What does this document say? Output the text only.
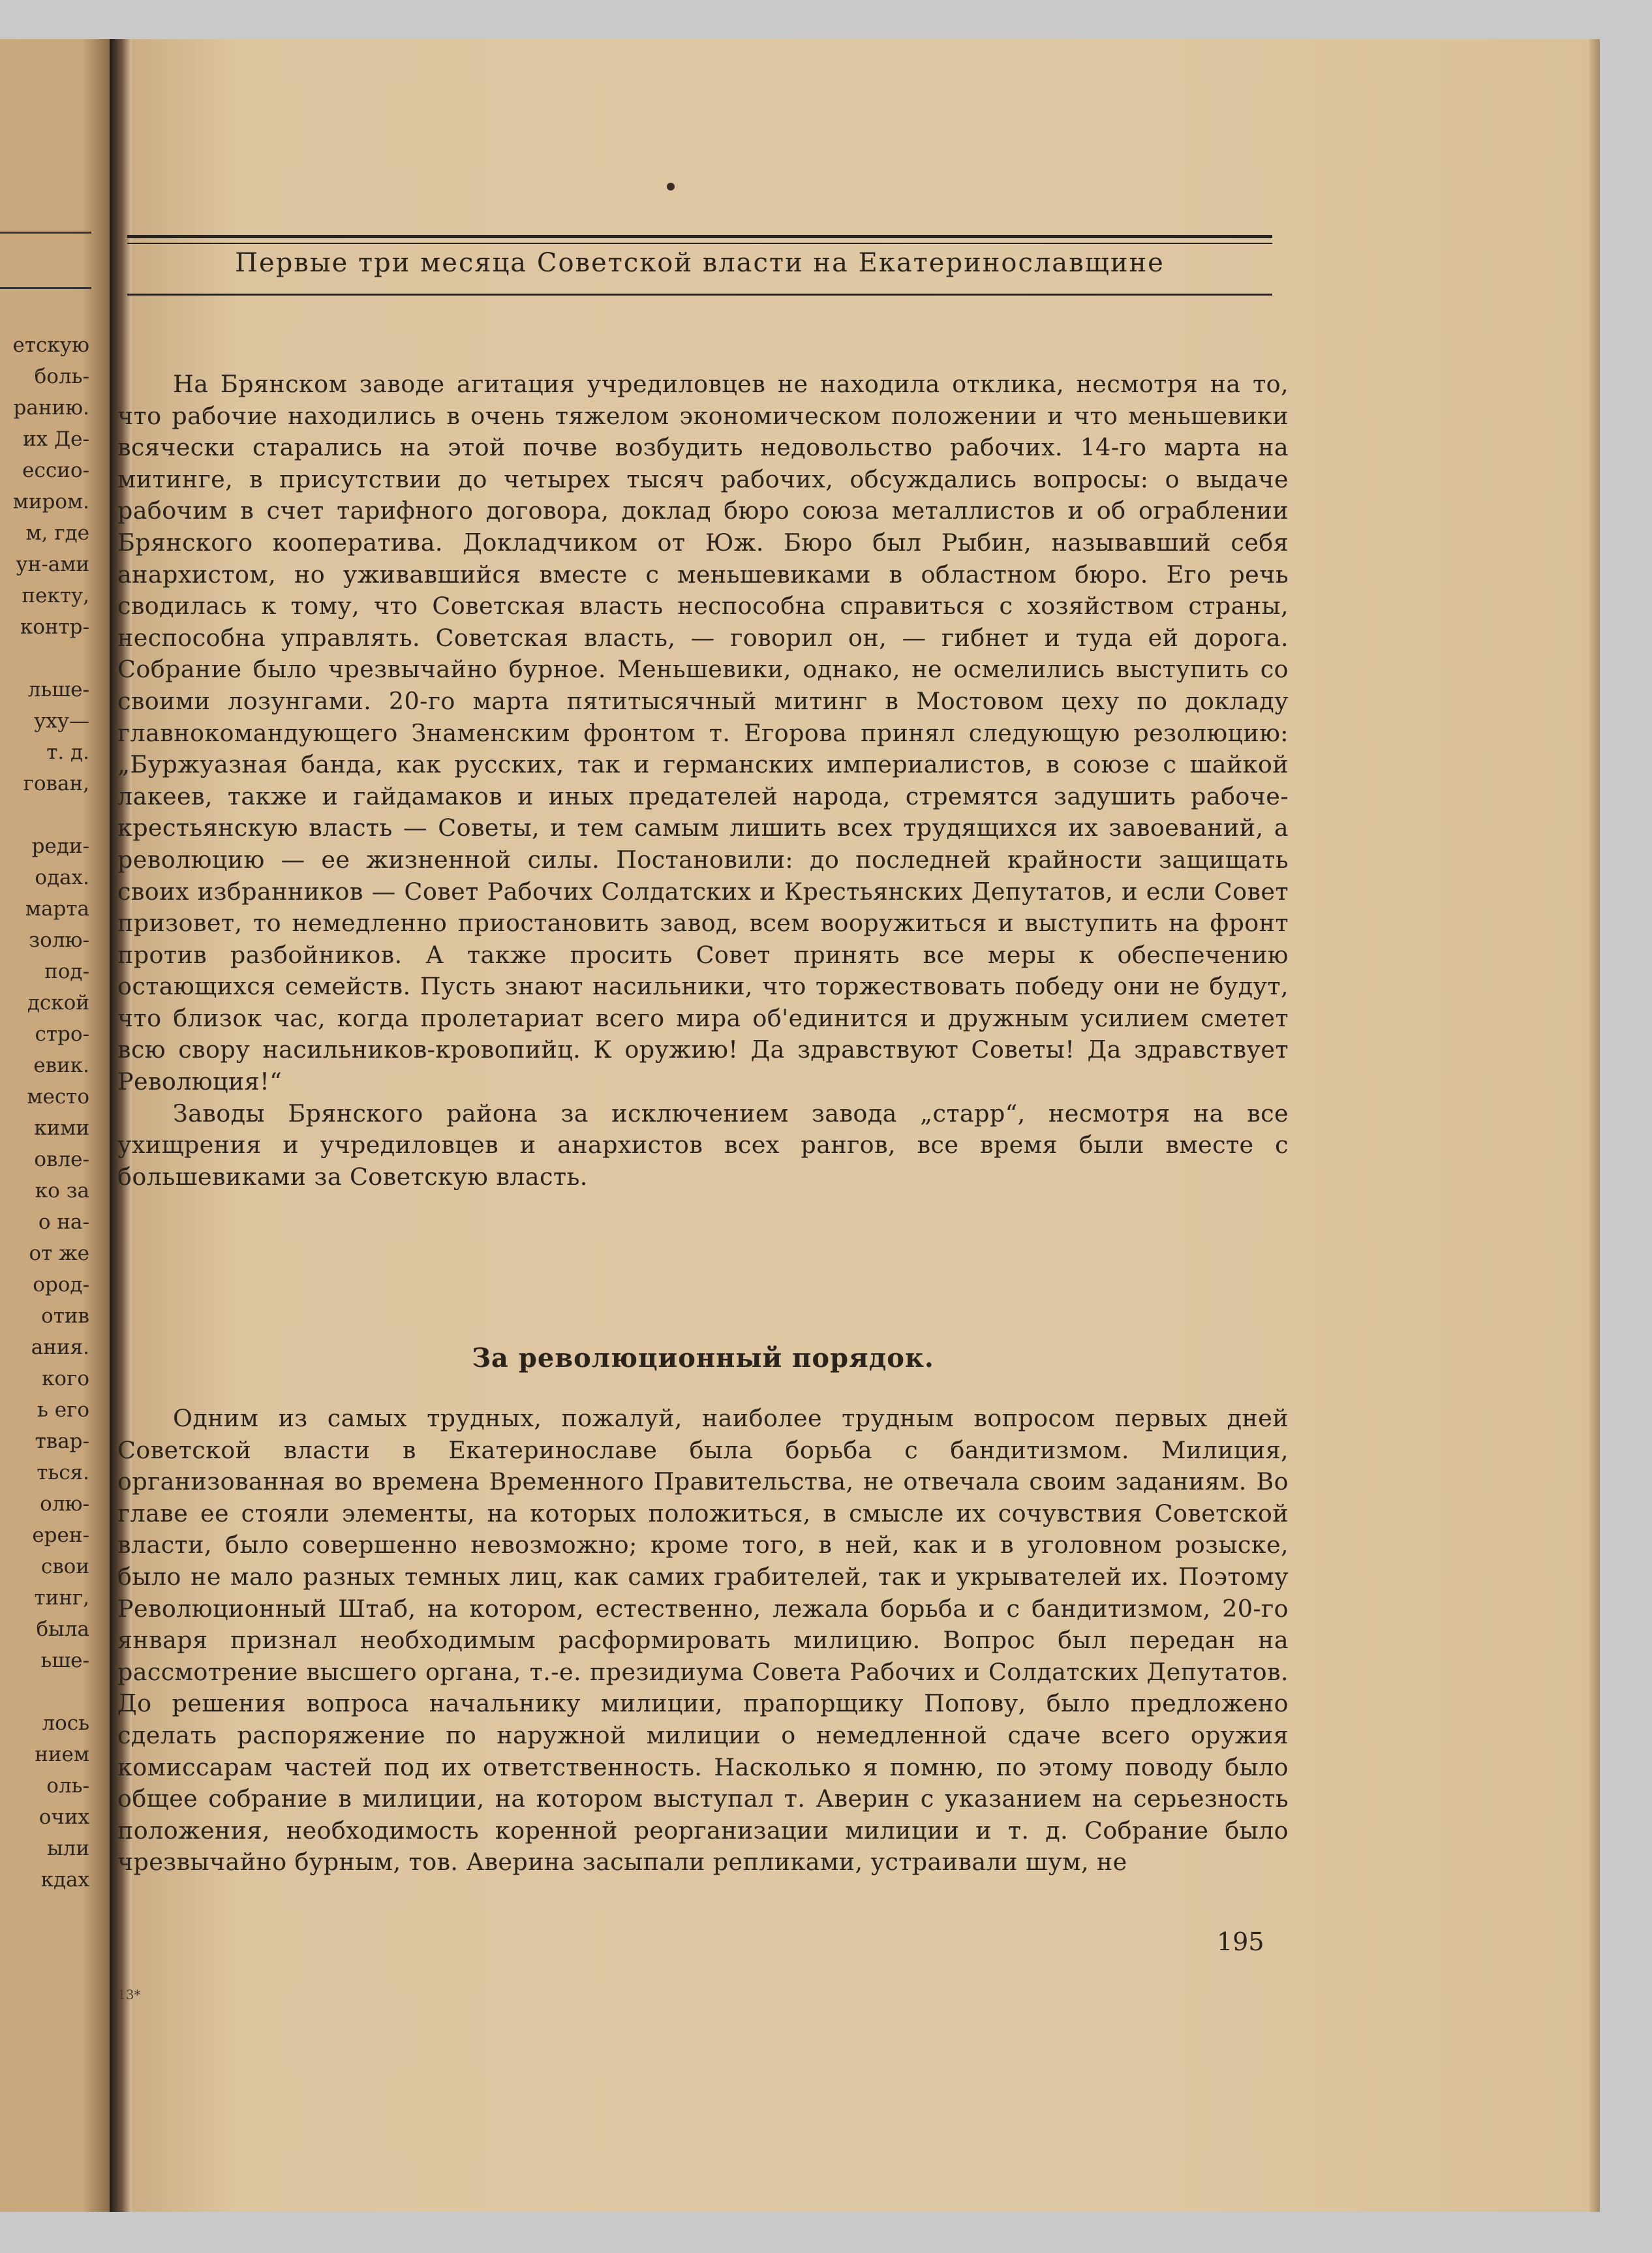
етскую
боль-
ранию.
их Де-
ессио-
мирoм.
м, где
ун-ами
пекту,
контр-
льше-
уху—
т. д.
гован,
реди-
одах.
марта
золю-
под-
дской
стро-
евик.
место
кими
овле-
ко за
о на-
от же
ород-
отив
ания.
кого
ь его
твар-
ться.
олю-
ерен-
свои
тинг,
была
ьше-
лось
нием
оль-
очих
ыли
кдах
Первые три месяца Советской власти на Екатеринославщине

На Брянском заводе агитация учредиловцев не находила отклика, несмотря на то, что рабочие находились в очень тяжелом экономическом положении и что меньшевики всячески старались на этой почве возбудить недовольство рабочих. 14-го марта на митинге, в присутствии до четырех тысяч рабочих, обсуждались вопросы: о выдаче рабочим в счет тарифного договора, доклад бюро союза металлистов и об ограблении Брянского кооператива. Докладчиком от Юж. Бюро был Рыбин, называвший себя анархистом, но уживавшийся вместе с меньшевиками в областном бюро. Его речь сводилась к тому, что Советская власть неспособна справиться с хозяйством страны, неспособна управлять. Советская власть, — говорил он, — гибнет и туда ей дорога. Собрание было чрезвычайно бурное. Меньшевики, однако, не осмелились выступить со своими лозунгами. 20-го марта пятитысячный митинг в Мостовом цеху по докладу главнокомандующего Знаменским фронтом т. Егорова принял следующую резолюцию: „Буржуазная банда, как русских, так и германских империалистов, в союзе с шайкой лакеев, также и гайдамаков и иных предателей народа, стремятся задушить рабоче-крестьянскую власть — Советы, и тем самым лишить всех трудящихся их завоеваний, а революцию — ее жизненной силы. Постановили: до последней крайности защищать своих избранников — Совет Рабочих Солдатских и Крестьянских Депутатов, и если Совет призовет, то немедленно приостановить завод, всем вооружиться и выступить на фронт против разбойников. А также просить Совет принять все меры к обеспечению остающихся семейств. Пусть знают насильники, что торжествовать победу они не будут, что близок час, когда пролетариат всего мира об'единится и дружным усилием сметет всю свору насильников-кровопийц. К оружию! Да здравствуют Советы! Да здравствует Революция!“

Заводы Брянского района за исключением завода „старр“, несмотря на все ухищрения и учредиловцев и анархистов всех рангов, все время были вместе с большевиками за Советскую власть.

За революционный порядок.

Одним из самых трудных, пожалуй, наиболее трудным вопросом первых дней Советской власти в Екатеринославе была борьба с бандитизмом. Милиция, организованная во времена Временного Правительства, не отвечала своим заданиям. Во главе ее стояли элементы, на которых положиться, в смысле их сочувствия Советской власти, было совершенно невозможно; кроме того, в ней, как и в уголовном розыске, было не мало разных темных лиц, как самих грабителей, так и укрывателей их. Поэтому Революционный Штаб, на котором, естественно, лежала борьба и с бандитизмом, 20-го января признал необходимым расформировать милицию. Вопрос был передан на рассмотрение высшего органа, т.-е. президиума Совета Рабочих и Солдатских Депутатов. До решения вопроса начальнику милиции, прапорщику Попову, было предложено сделать распоряжение по наружной милиции о немедленной сдаче всего оружия комиссарам частей под их ответственность. Насколько я помню, по этому поводу было общее собрание в милиции, на котором выступал т. Аверин с указанием на серьезность положения, необходимость коренной реорганизации милиции и т. д. Собрание было чрезвычайно бурным, тов. Аверина засыпали репликами, устраивали шум, не

13*
195
